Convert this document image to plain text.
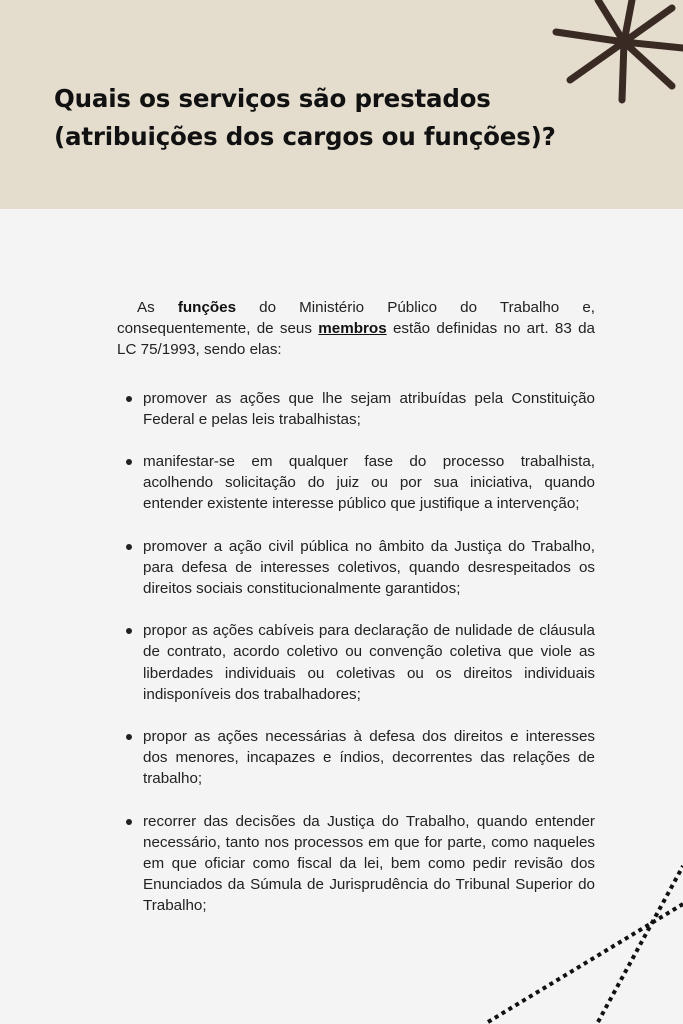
Quais os serviços são prestados (atribuições dos cargos ou funções)?

As funções do Ministério Público do Trabalho e, consequentemente, de seus membros estão definidas no art. 83 da LC 75/1993, sendo elas:

promover as ações que lhe sejam atribuídas pela Constituição Federal e pelas leis trabalhistas;
manifestar-se em qualquer fase do processo trabalhista, acolhendo solicitação do juiz ou por sua iniciativa, quando entender existente interesse público que justifique a intervenção;
promover a ação civil pública no âmbito da Justiça do Trabalho, para defesa de interesses coletivos, quando desrespeitados os direitos sociais constitucionalmente garantidos;
propor as ações cabíveis para declaração de nulidade de cláusula de contrato, acordo coletivo ou convenção coletiva que viole as liberdades individuais ou coletivas ou os direitos individuais indisponíveis dos trabalhadores;
propor as ações necessárias à defesa dos direitos e interesses dos menores, incapazes e índios, decorrentes das relações de trabalho;
recorrer das decisões da Justiça do Trabalho, quando entender necessário, tanto nos processos em que for parte, como naqueles em que oficiar como fiscal da lei, bem como pedir revisão dos Enunciados da Súmula de Jurisprudência do Tribunal Superior do Trabalho;
